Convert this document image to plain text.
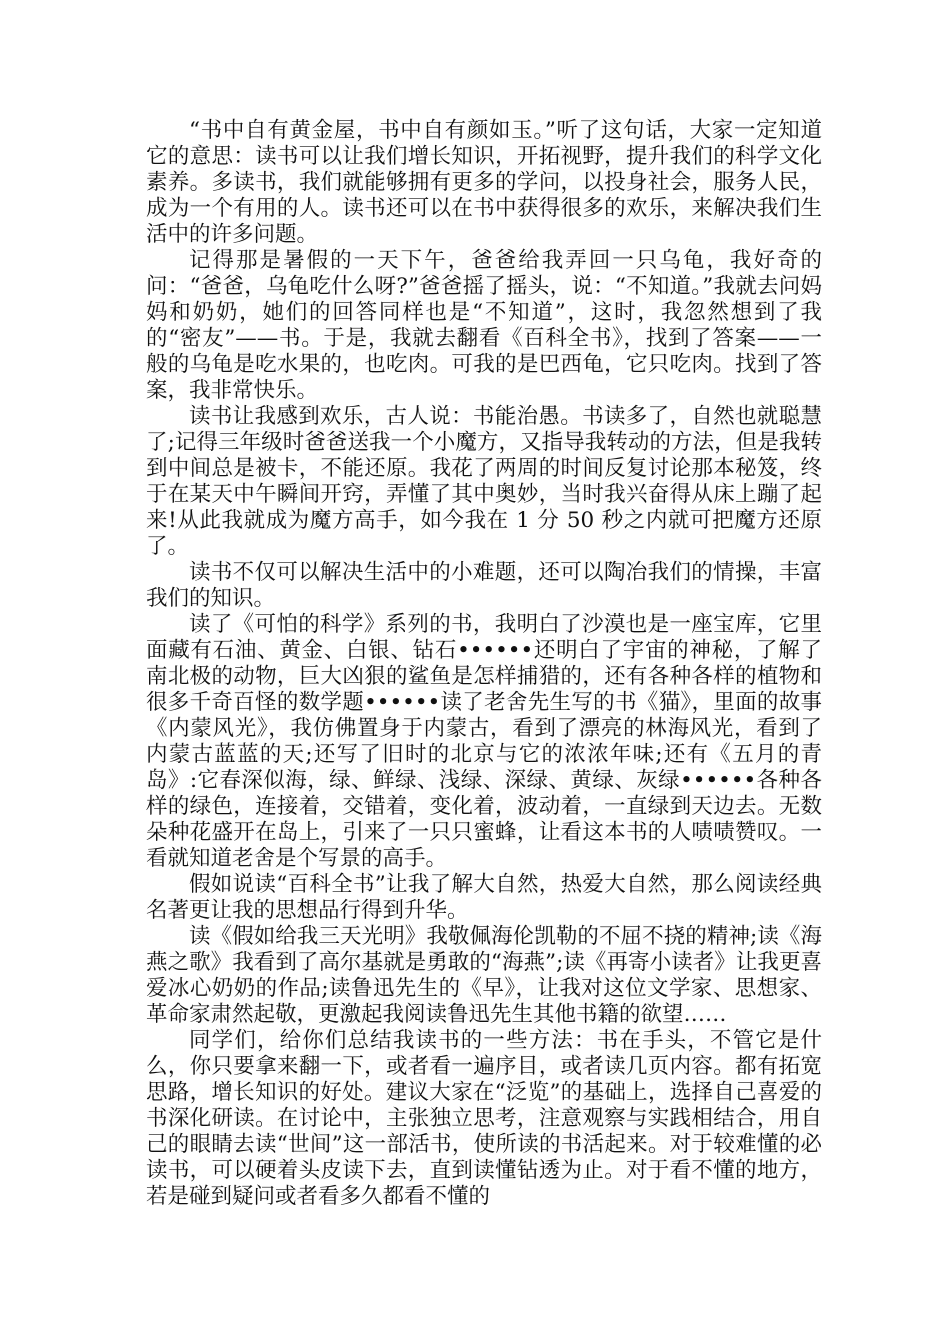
“书中自有黄金屋，书中自有颜如玉。”听了这句话，大家一定知道它的意思：读书可以让我们增长知识，开拓视野，提升我们的科学文化素养。多读书，我们就能够拥有更多的学问，以投身社会，服务人民，成为一个有用的人。读书还可以在书中获得很多的欢乐，来解决我们生活中的许多问题。

记得那是暑假的一天下午，爸爸给我弄回一只乌龟，我好奇的问：“爸爸，乌龟吃什么呀?”爸爸摇了摇头，说：“不知道。”我就去问妈妈和奶奶，她们的回答同样也是“不知道”，这时，我忽然想到了我的“密友”——书。于是，我就去翻看《百科全书》，找到了答案——一般的乌龟是吃水果的，也吃肉。可我的是巴西龟，它只吃肉。找到了答案，我非常快乐。

读书让我感到欢乐，古人说：书能治愚。书读多了，自然也就聪慧了;记得三年级时爸爸送我一个小魔方，又指导我转动的方法，但是我转到中间总是被卡，不能还原。我花了两周的时间反复讨论那本秘笈，终于在某天中午瞬间开窍，弄懂了其中奥妙，当时我兴奋得从床上蹦了起来!从此我就成为魔方高手，如今我在 1 分 50 秒之内就可把魔方还原了。

读书不仅可以解决生活中的小难题，还可以陶冶我们的情操，丰富我们的知识。

读了《可怕的科学》系列的书，我明白了沙漠也是一座宝库，它里面藏有石油、黄金、白银、钻石••••••还明白了宇宙的神秘，了解了南北极的动物，巨大凶狠的鲨鱼是怎样捕猎的，还有各种各样的植物和很多千奇百怪的数学题••••••读了老舍先生写的书《猫》，里面的故事《内蒙风光》，我仿佛置身于内蒙古，看到了漂亮的林海风光，看到了内蒙古蓝蓝的天;还写了旧时的北京与它的浓浓年味;还有《五月的青岛》:它春深似海，绿、鲜绿、浅绿、深绿、黄绿、灰绿••••••各种各样的绿色，连接着，交错着，变化着，波动着，一直绿到天边去。无数朵种花盛开在岛上，引来了一只只蜜蜂，让看这本书的人啧啧赞叹。一看就知道老舍是个写景的高手。

假如说读“百科全书”让我了解大自然，热爱大自然，那么阅读经典名著更让我的思想品行得到升华。

读《假如给我三天光明》我敬佩海伦凯勒的不屈不挠的精神;读《海燕之歌》我看到了高尔基就是勇敢的“海燕”;读《再寄小读者》让我更喜爱冰心奶奶的作品;读鲁迅先生的《早》，让我对这位文学家、思想家、革命家肃然起敬，更激起我阅读鲁迅先生其他书籍的欲望……

同学们，给你们总结我读书的一些方法：书在手头，不管它是什么，你只要拿来翻一下，或者看一遍序目，或者读几页内容。都有拓宽思路，增长知识的好处。建议大家在“泛览”的基础上，选择自己喜爱的书深化研读。在讨论中，主张独立思考，注意观察与实践相结合，用自己的眼睛去读“世间”这一部活书，使所读的书活起来。对于较难懂的必读书，可以硬着头皮读下去，直到读懂钻透为止。对于看不懂的地方，若是碰到疑问或者看多久都看不懂的
